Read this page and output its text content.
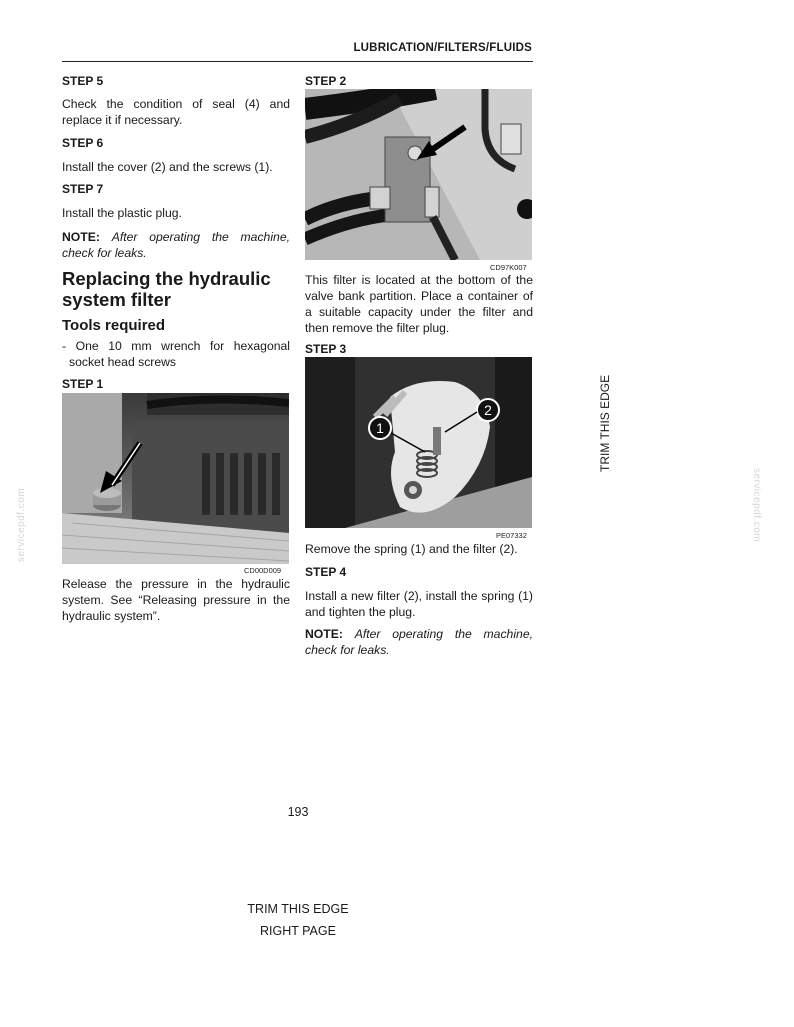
LUBRICATION/FILTERS/FLUIDS
STEP 5
Check the condition of seal (4) and replace it if necessary.
STEP 6
Install the cover (2) and the screws (1).
STEP 7
Install the plastic plug.
NOTE: After operating the machine, check for leaks.
Replacing the hydraulic system filter
Tools required
- One 10 mm wrench for hexagonal socket head screws
STEP 1
CD00D009
Release the pressure in the hydraulic system. See “Releasing pressure in the hydraulic system”.
STEP 2
CD97K007
This filter is located at the bottom of the valve bank partition. Place a container of a suitable capacity under the filter and then remove the filter plug.
STEP 3
1
2
PE07332
Remove the spring (1) and the filter (2).
STEP 4
Install a new filter (2), install the spring (1) and tighten the plug.
NOTE: After operating the machine, check for leaks.
193
TRIM THIS EDGE
servicepdf.com	servicepdf.com
TRIM THIS EDGE
RIGHT PAGE
